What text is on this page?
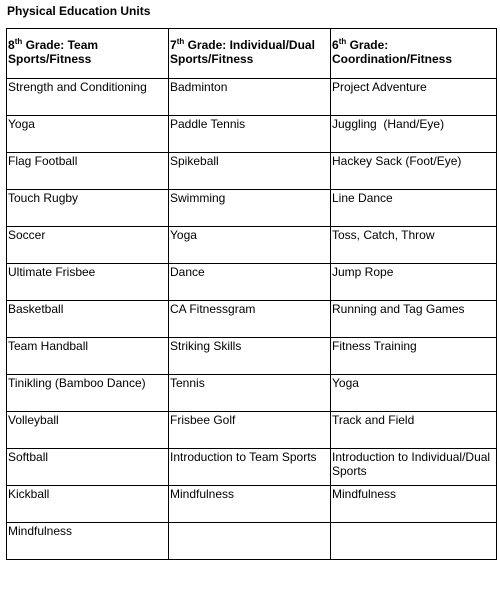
Physical Education Units
8th Grade: Team Sports/Fitness	7th Grade: Individual/Dual Sports/Fitness	6th Grade: Coordination/Fitness
Strength and Conditioning	Badminton	Project Adventure
Yoga	Paddle Tennis	Juggling  (Hand/Eye)
Flag Football	Spikeball	Hackey Sack (Foot/Eye)
Touch Rugby	Swimming	Line Dance
Soccer	Yoga	Toss, Catch, Throw
Ultimate Frisbee	Dance	Jump Rope
Basketball	CA Fitnessgram	Running and Tag Games
Team Handball	Striking Skills	Fitness Training
Tinikling (Bamboo Dance)	Tennis	Yoga
Volleyball	Frisbee Golf	Track and Field
Softball	Introduction to Team Sports	Introduction to Individual/Dual Sports
Kickball	Mindfulness	Mindfulness
Mindfulness		
